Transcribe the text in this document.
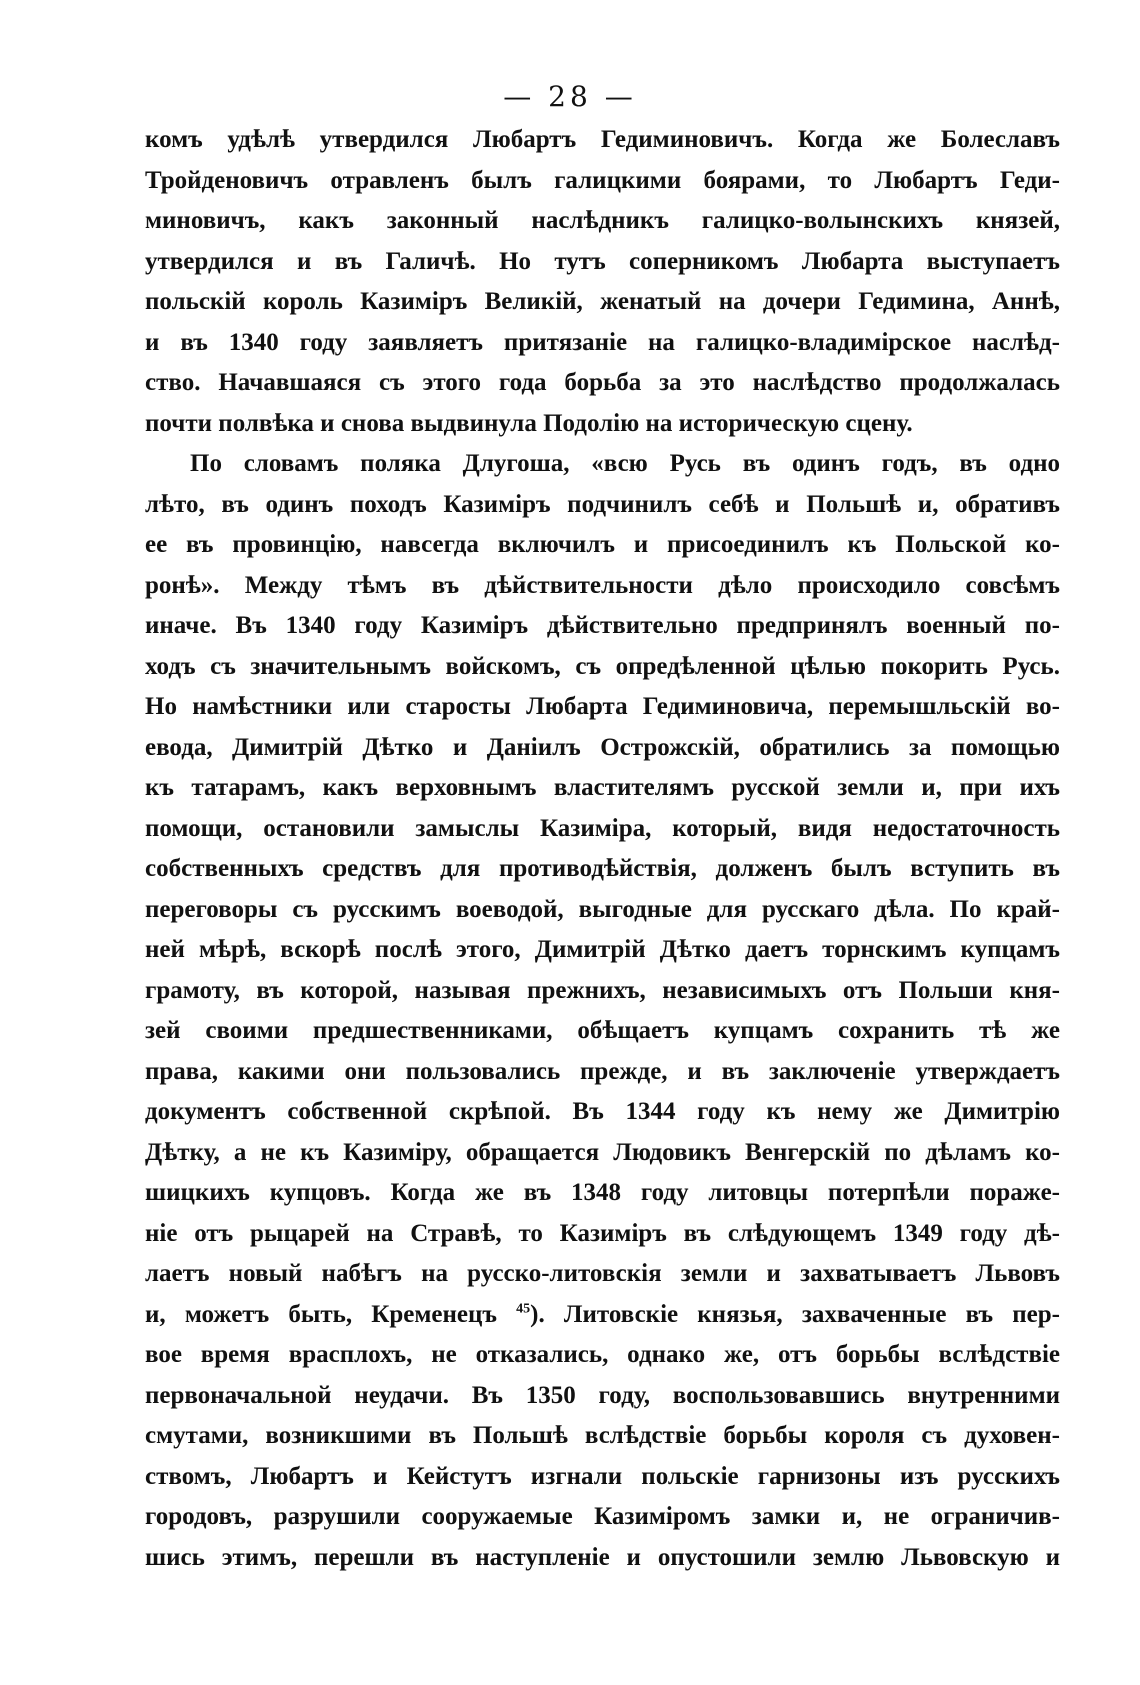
— 28 —
комъ удѣлѣ утвердился Любартъ Гедиминовичъ. Когда же Болеславъ
Тройденовичъ отравленъ былъ галицкими боярами, то Любартъ Геди-
миновичъ, какъ законный наслѣдникъ галицко-волынскихъ князей,
утвердился и въ Галичѣ. Но тутъ соперникомъ Любарта выступаетъ
польскій король Казиміръ Великій, женатый на дочери Гедимина, Аннѣ,
и въ 1340 году заявляетъ притязаніе на галицко-владимірское наслѣд-
ство. Начавшаяся съ этого года борьба за это наслѣдство продолжалась
почти полвѣка и снова выдвинула Подолію на историческую сцену.
По словамъ поляка Длугоша, «всю Русь въ одинъ годъ, въ одно
лѣто, въ одинъ походъ Казиміръ подчинилъ себѣ и Польшѣ и, обративъ
ее въ провинцію, навсегда включилъ и присоединилъ къ Польской ко-
ронѣ». Между тѣмъ въ дѣйствительности дѣло происходило совсѣмъ
иначе. Въ 1340 году Казиміръ дѣйствительно предпринялъ военный по-
ходъ съ значительнымъ войскомъ, съ опредѣленной цѣлью покорить Русь.
Но намѣстники или старосты Любарта Гедиминовича, перемышльскій во-
евода, Димитрій Дѣтко и Даніилъ Острожскій, обратились за помощью
къ татарамъ, какъ верховнымъ властителямъ русской земли и, при ихъ
помощи, остановили замыслы Казиміра, который, видя недостаточность
собственныхъ средствъ для противодѣйствія, долженъ былъ вступить въ
переговоры съ русскимъ воеводой, выгодные для русскаго дѣла. По край-
ней мѣрѣ, вскорѣ послѣ этого, Димитрій Дѣтко даетъ торнскимъ купцамъ
грамоту, въ которой, называя прежнихъ, независимыхъ отъ Польши кня-
зей своими предшественниками, обѣщаетъ купцамъ сохранить тѣ же
права, какими они пользовались прежде, и въ заключеніе утверждаетъ
документъ собственной скрѣпой. Въ 1344 году къ нему же Димитрію
Дѣтку, а не къ Казиміру, обращается Людовикъ Венгерскій по дѣламъ ко-
шицкихъ купцовъ. Когда же въ 1348 году литовцы потерпѣли пораже-
ніе отъ рыцарей на Стравѣ, то Казиміръ въ слѣдующемъ 1349 году дѣ-
лаетъ новый набѣгъ на русско-литовскія земли и захватываетъ Львовъ
и, можетъ быть, Кременецъ $^{45}$). Литовскіе князья, захваченные въ пер-
вое время врасплохъ, не отказались, однако же, отъ борьбы вслѣдствіе
первоначальной неудачи. Въ 1350 году, воспользовавшись внутренними
смутами, возникшими въ Польшѣ вслѣдствіе борьбы короля съ духовен-
ствомъ, Любартъ и Кейстутъ изгнали польскіе гарнизоны изъ русскихъ
городовъ, разрушили сооружаемые Казиміромъ замки и, не ограничив-
шись этимъ, перешли въ наступленіе и опустошили землю Львовскую и
